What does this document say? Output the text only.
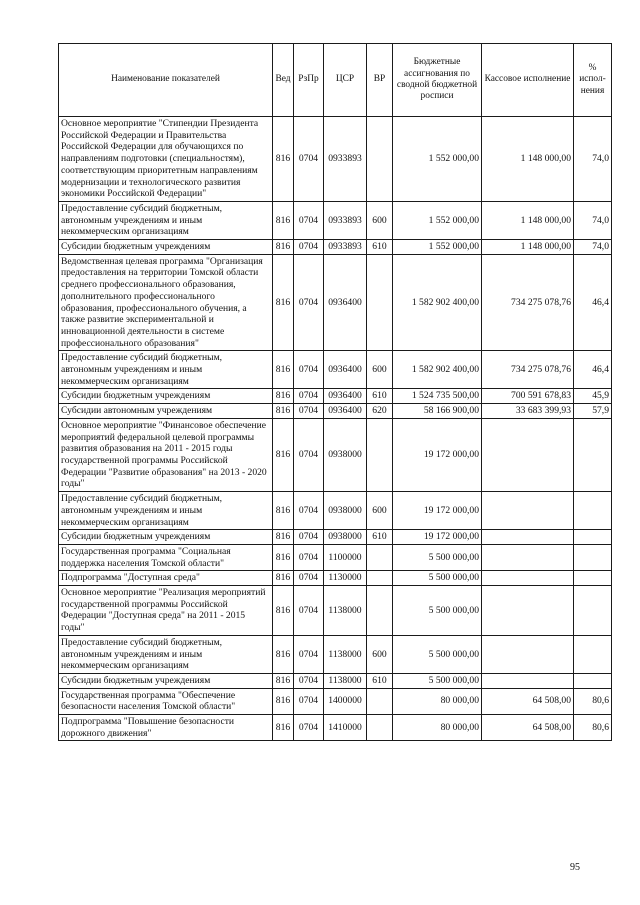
Наименование показателей	Вед	РзПр	ЦСР	ВР	Бюджетные ассигнования по сводной бюджетной росписи	Кассовое исполнение	% испол-нения
Основное мероприятие "Стипендии Президента Российской Федерации и Правительства Российской Федерации для обучающихся по направлениям подготовки (специальностям), соответствующим приоритетным направлениям модернизации и технологического развития экономики Российской Федерации"	816	0704	0933893		1 552 000,00	1 148 000,00	74,0
Предоставление субсидий бюджетным, автономным учреждениям и иным некоммерческим организациям	816	0704	0933893	600	1 552 000,00	1 148 000,00	74,0
Субсидии бюджетным учреждениям	816	0704	0933893	610	1 552 000,00	1 148 000,00	74,0
Ведомственная целевая программа "Организация предоставления на территории Томской области среднего профессионального образования, дополнительного профессионального образования, профессионального обучения, а также развитие экспериментальной и инновационной деятельности в системе профессионального образования"	816	0704	0936400		1 582 902 400,00	734 275 078,76	46,4
Предоставление субсидий бюджетным, автономным учреждениям и иным некоммерческим организациям	816	0704	0936400	600	1 582 902 400,00	734 275 078,76	46,4
Субсидии бюджетным учреждениям	816	0704	0936400	610	1 524 735 500,00	700 591 678,83	45,9
Субсидии автономным учреждениям	816	0704	0936400	620	58 166 900,00	33 683 399,93	57,9
Основное мероприятие "Финансовое обеспечение мероприятий федеральной целевой программы развития образования на 2011 - 2015 годы государственной программы Российской Федерации "Развитие образования" на 2013 - 2020 годы"	816	0704	0938000		19 172 000,00		
Предоставление субсидий бюджетным, автономным учреждениям и иным некоммерческим организациям	816	0704	0938000	600	19 172 000,00		
Субсидии бюджетным учреждениям	816	0704	0938000	610	19 172 000,00		
Государственная программа "Социальная поддержка населения Томской области"	816	0704	1100000		5 500 000,00		
Подпрограмма "Доступная среда"	816	0704	1130000		5 500 000,00		
Основное мероприятие "Реализация мероприятий государственной программы Российской Федерации "Доступная среда" на 2011 - 2015 годы"	816	0704	1138000		5 500 000,00		
Предоставление субсидий бюджетным, автономным учреждениям и иным некоммерческим организациям	816	0704	1138000	600	5 500 000,00		
Субсидии бюджетным учреждениям	816	0704	1138000	610	5 500 000,00		
Государственная программа "Обеспечение безопасности населения Томской области"	816	0704	1400000		80 000,00	64 508,00	80,6
Подпрограмма "Повышение безопасности дорожного движения"	816	0704	1410000		80 000,00	64 508,00	80,6
95
